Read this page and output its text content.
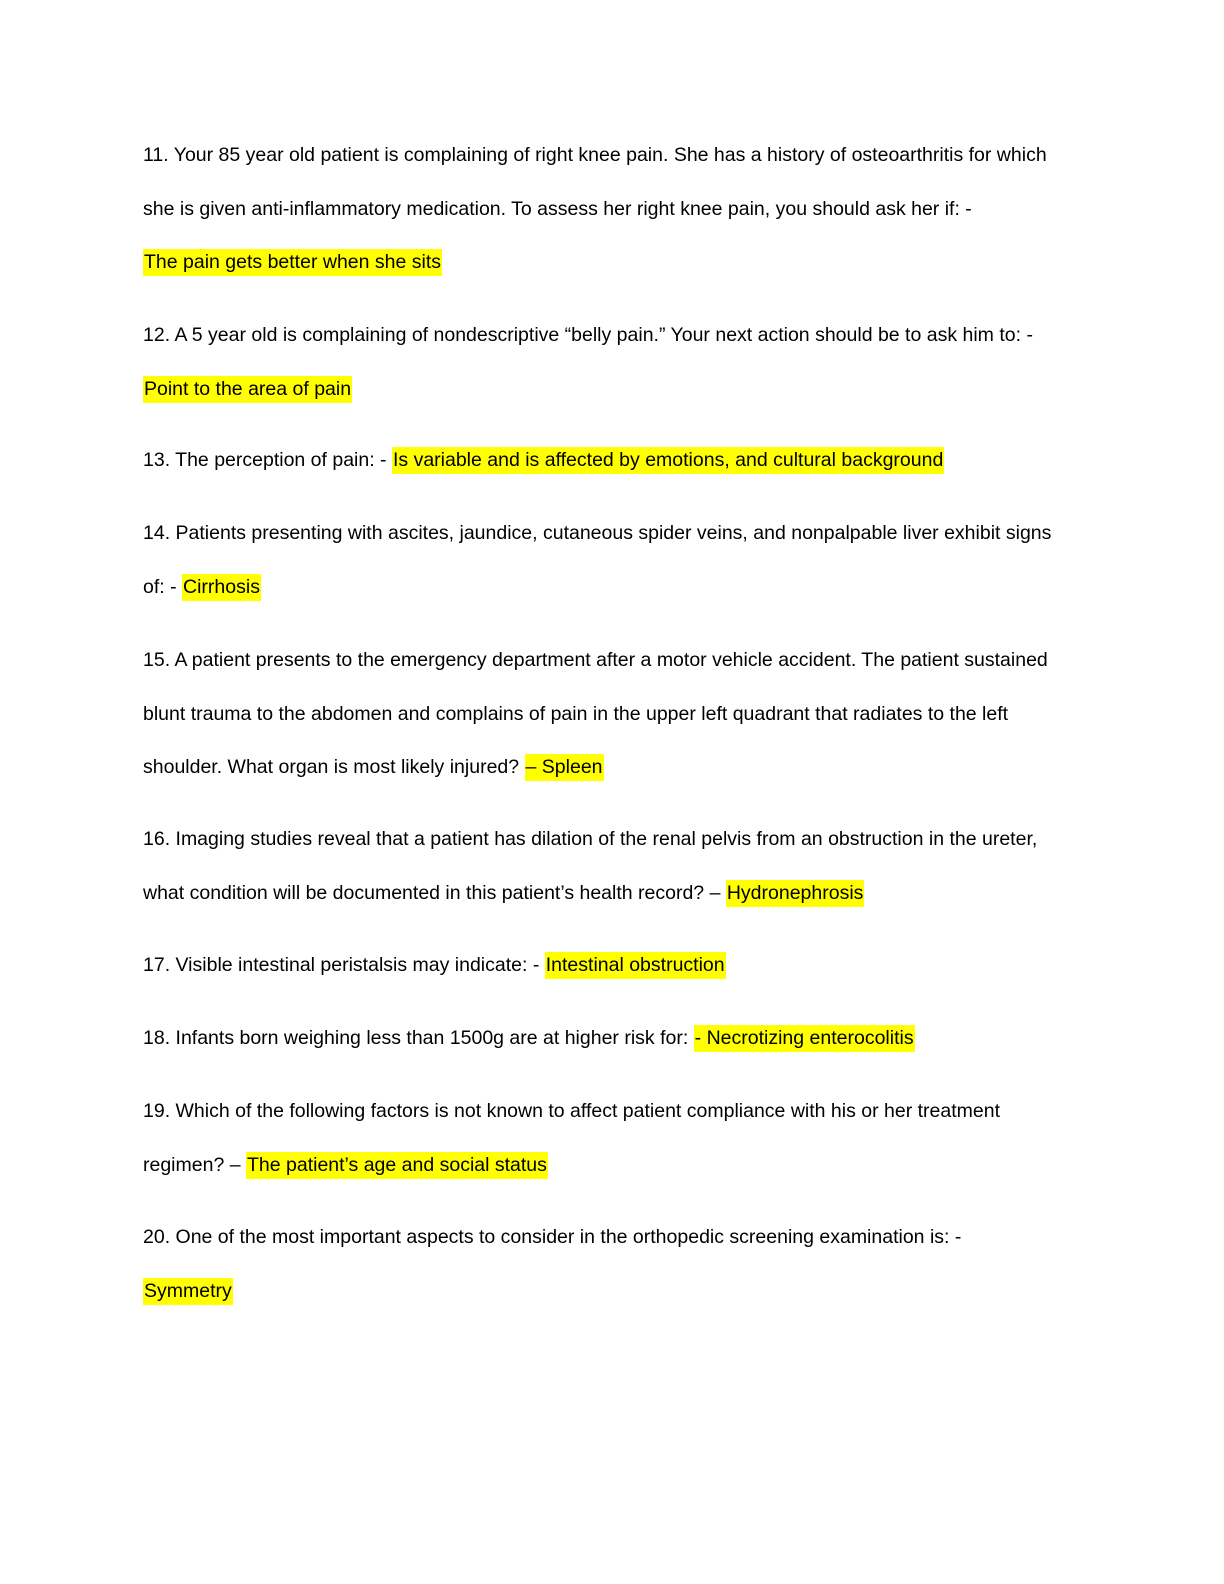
11. Your 85 year old patient is complaining of right knee pain. She has a history of osteoarthritis for which she is given anti-inflammatory medication. To assess her right knee pain, you should ask her if: -
The pain gets better when she sits
12. A 5 year old is complaining of nondescriptive “belly pain.” Your next action should be to ask him to: -
Point to the area of pain
13. The perception of pain: - Is variable and is affected by emotions, and cultural background
14. Patients presenting with ascites, jaundice, cutaneous spider veins, and nonpalpable liver exhibit signs of: - Cirrhosis
15. A patient presents to the emergency department after a motor vehicle accident. The patient sustained blunt trauma to the abdomen and complains of pain in the upper left quadrant that radiates to the left shoulder. What organ is most likely injured? – Spleen
16. Imaging studies reveal that a patient has dilation of the renal pelvis from an obstruction in the ureter, what condition will be documented in this patient’s health record? – Hydronephrosis
17. Visible intestinal peristalsis may indicate: - Intestinal obstruction
18. Infants born weighing less than 1500g are at higher risk for: - Necrotizing enterocolitis
19. Which of the following factors is not known to affect patient compliance with his or her treatment regimen? – The patient’s age and social status
20. One of the most important aspects to consider in the orthopedic screening examination is: -
Symmetry
